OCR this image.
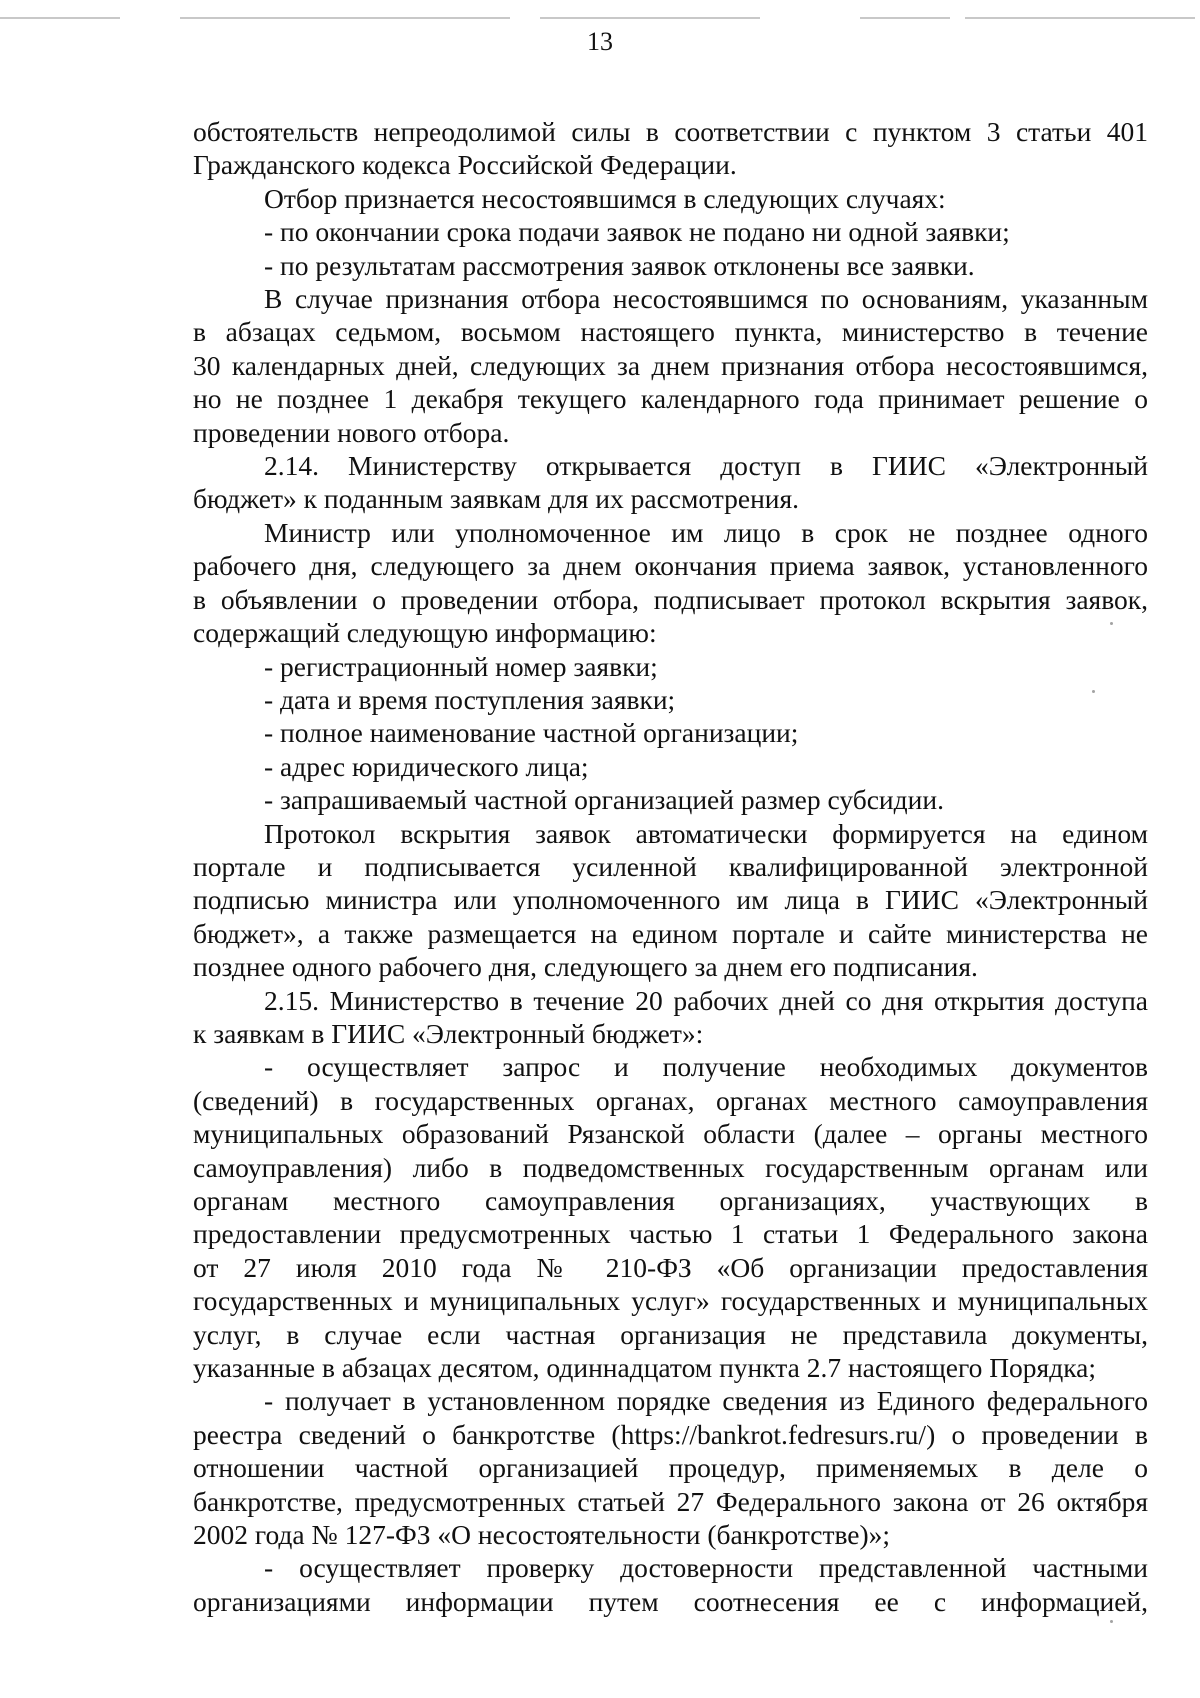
13
обстоятельств непреодолимой силы в соответствии с пунктом 3 статьи 401
Гражданского кодекса Российской Федерации.
Отбор признается несостоявшимся в следующих случаях:
- по окончании срока подачи заявок не подано ни одной заявки;
- по результатам рассмотрения заявок отклонены все заявки.
В случае признания отбора несостоявшимся по основаниям, указанным
в абзацах седьмом, восьмом настоящего пункта, министерство в течение
30 календарных дней, следующих за днем признания отбора несостоявшимся,
но не позднее 1 декабря текущего календарного года принимает решение о
проведении нового отбора.
2.14. Министерству открывается доступ в ГИИС «Электронный
бюджет» к поданным заявкам для их рассмотрения.
Министр или уполномоченное им лицо в срок не позднее одного
рабочего дня, следующего за днем окончания приема заявок, установленного
в объявлении о проведении отбора, подписывает протокол вскрытия заявок,
содержащий следующую информацию:
- регистрационный номер заявки;
- дата и время поступления заявки;
- полное наименование частной организации;
- адрес юридического лица;
- запрашиваемый частной организацией размер субсидии.
Протокол вскрытия заявок автоматически формируется на едином
портале и подписывается усиленной квалифицированной электронной
подписью министра или уполномоченного им лица в ГИИС «Электронный
бюджет», а также размещается на едином портале и сайте министерства не
позднее одного рабочего дня, следующего за днем его подписания.
2.15. Министерство в течение 20 рабочих дней со дня открытия доступа
к заявкам в ГИИС «Электронный бюджет»:
- осуществляет запрос и получение необходимых документов
(сведений) в государственных органах, органах местного самоуправления
муниципальных образований Рязанской области (далее – органы местного
самоуправления) либо в подведомственных государственным органам или
органам местного самоуправления организациях, участвующих в
предоставлении предусмотренных частью 1 статьи 1 Федерального закона
от 27 июля 2010 года № 210-ФЗ «Об организации предоставления
государственных и муниципальных услуг» государственных и муниципальных
услуг, в случае если частная организация не представила документы,
указанные в абзацах десятом, одиннадцатом пункта 2.7 настоящего Порядка;
- получает в установленном порядке сведения из Единого федерального
реестра сведений о банкротстве (https://bankrot.fedresurs.ru/) о проведении в
отношении частной организацией процедур, применяемых в деле о
банкротстве, предусмотренных статьей 27 Федерального закона от 26 октября
2002 года № 127-ФЗ «О несостоятельности (банкротстве)»;
- осуществляет проверку достоверности представленной частными
организациями информации путем соотнесения ее с информацией,
